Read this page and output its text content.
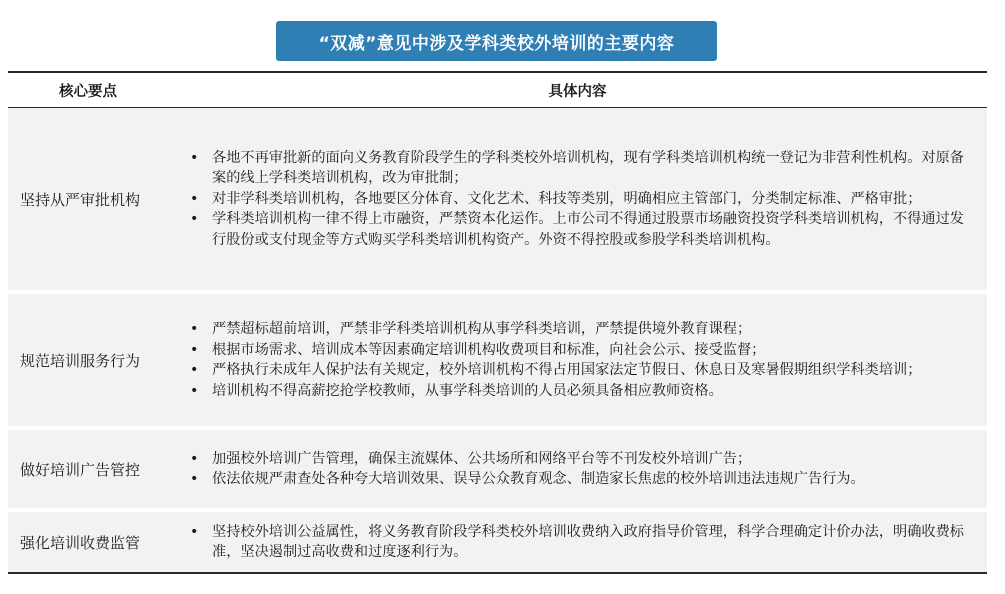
“双减”意见中涉及学科类校外培训的主要内容
核心要点	具体内容
坚持从严审批机构
• 各地不再审批新的面向义务教育阶段学生的学科类校外培训机构，现有学科类培训机构统一登记为非营利性机构。对原备案的线上学科类培训机构，改为审批制；
• 对非学科类培训机构，各地要区分体育、文化艺术、科技等类别，明确相应主管部门，分类制定标准、严格审批；
• 学科类培训机构一律不得上市融资，严禁资本化运作。上市公司不得通过股票市场融资投资学科类培训机构，不得通过发行股份或支付现金等方式购买学科类培训机构资产。外资不得控股或参股学科类培训机构。
规范培训服务行为
• 严禁超标超前培训，严禁非学科类培训机构从事学科类培训，严禁提供境外教育课程；
• 根据市场需求、培训成本等因素确定培训机构收费项目和标准，向社会公示、接受监督；
• 严格执行未成年人保护法有关规定，校外培训机构不得占用国家法定节假日、休息日及寒暑假期组织学科类培训；
• 培训机构不得高薪挖抢学校教师，从事学科类培训的人员必须具备相应教师资格。
做好培训广告管控
• 加强校外培训广告管理，确保主流媒体、公共场所和网络平台等不刊发校外培训广告；
• 依法依规严肃查处各种夸大培训效果、误导公众教育观念、制造家长焦虑的校外培训违法违规广告行为。
强化培训收费监管
• 坚持校外培训公益属性，将义务教育阶段学科类校外培训收费纳入政府指导价管理，科学合理确定计价办法，明确收费标准，坚决遏制过高收费和过度逐利行为。
